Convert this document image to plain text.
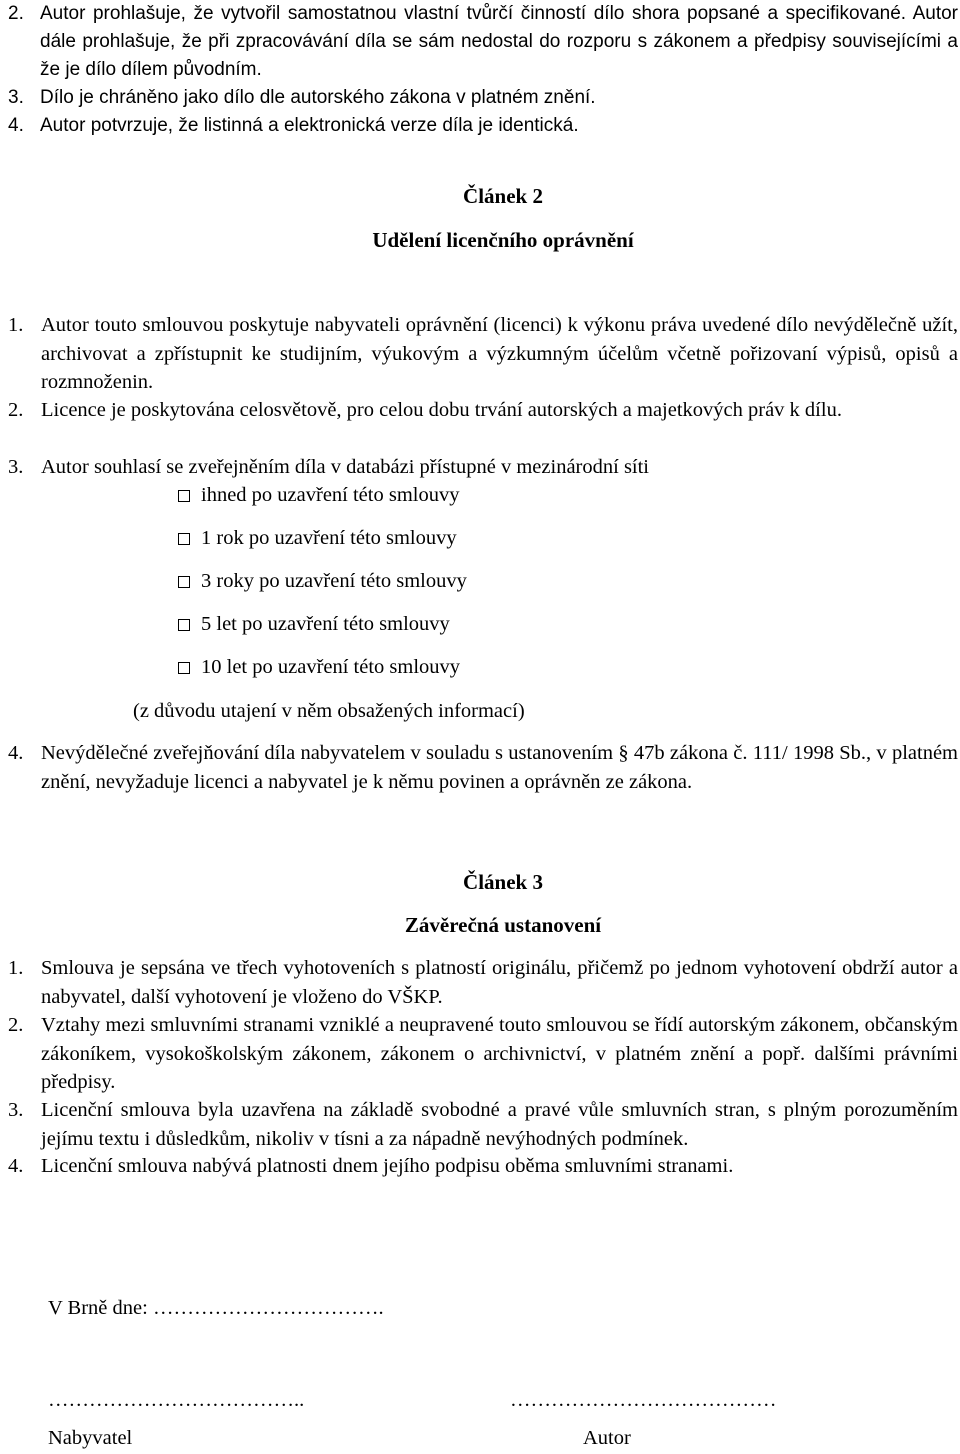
2. Autor prohlašuje, že vytvořil samostatnou vlastní tvůrčí činností dílo shora popsané a specifikované. Autor dále prohlašuje, že při zpracovávání díla se sám nedostal do rozporu s zákonem a předpisy souvisejícími a že je dílo dílem původním.
3. Dílo je chráněno jako dílo dle autorského zákona v platném znění.
4. Autor potvrzuje, že listinná a elektronická verze díla je identická.
Článek 2
Udělení licenčního oprávnění
1. Autor touto smlouvou poskytuje nabyvateli oprávnění (licenci) k výkonu práva uvedené dílo nevýdělečně užít, archivovat a zpřístupnit ke studijním, výukovým a výzkumným účelům včetně pořizovaní výpisů, opisů a rozmnoženin.
2. Licence je poskytována celosvětově, pro celou dobu trvání autorských a majetkových práv k dílu.
3. Autor souhlasí se zveřejněním díla v databázi přístupné v mezinárodní síti
ihned po uzavření této smlouvy
1 rok po uzavření této smlouvy
3 roky po uzavření této smlouvy
5 let po uzavření této smlouvy
10 let po uzavření této smlouvy
(z důvodu utajení v něm obsažených informací)
4. Nevýdělečné zveřejňování díla nabyvatelem v souladu s ustanovením § 47b zákona č. 111/ 1998 Sb., v platném znění, nevyžaduje licenci a nabyvatel je k němu povinen a oprávněn ze zákona.
Článek 3
Závěrečná ustanovení
1. Smlouva je sepsána ve třech vyhotoveních s platností originálu, přičemž po jednom vyhotovení obdrží autor a nabyvatel, další vyhotovení je vloženo do VŠKP.
2. Vztahy mezi smluvními stranami vzniklé a neupravené touto smlouvou se řídí autorským zákonem, občanským zákoníkem, vysokoškolským zákonem, zákonem o archivnictví, v platném znění a popř. dalšími právními předpisy.
3. Licenční smlouva byla uzavřena na základě svobodné a pravé vůle smluvních stran, s plným porozuměním jejímu textu i důsledkům, nikoliv v tísni a za nápadně nevýhodných podmínek.
4. Licenční smlouva nabývá platnosti dnem jejího podpisu oběma smluvními stranami.
V Brně dne: …………………………….
………………………………..	…………………………………
Nabyvatel	Autor
